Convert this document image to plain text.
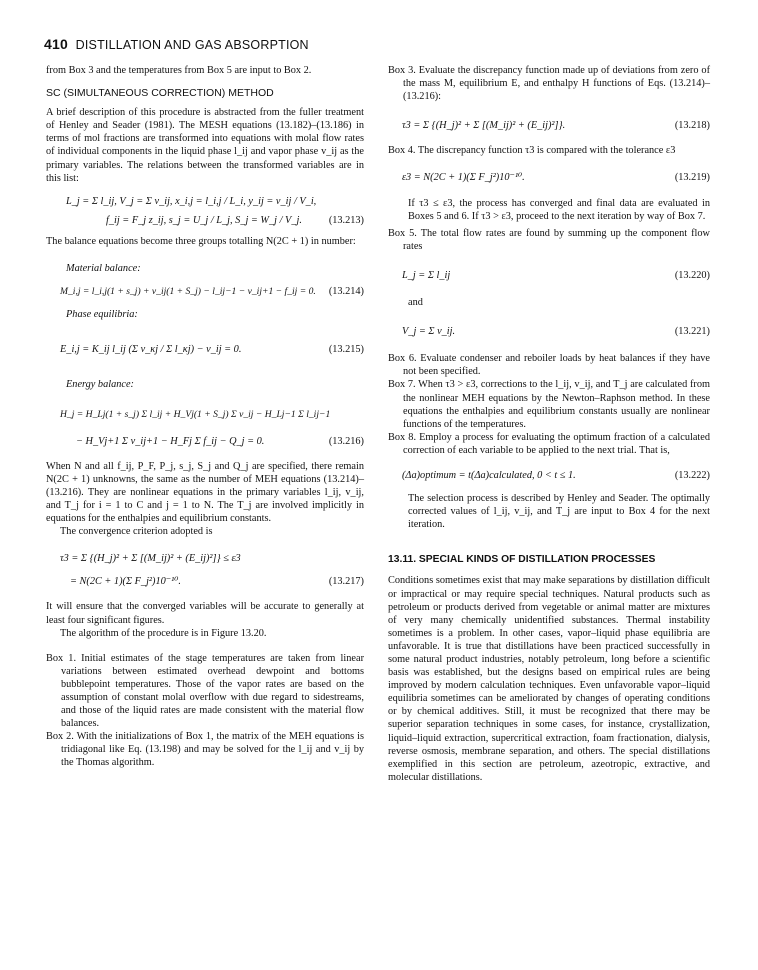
410 DISTILLATION AND GAS ABSORPTION

from Box 3 and the temperatures from Box 5 are input to Box 2.

SC (SIMULTANEOUS CORRECTION) METHOD

A brief description of this procedure is abstracted from the fuller treatment of Henley and Seader (1981). The MESH equations (13.182)–(13.186) in terms of mol fractions are transformed into equations with molal flow rates of individual components in the liquid phase l_ij and vapor phase v_ij as the primary variables. The relations between the transformed variables are in this list:

L_j = Σ l_ij, V_j = Σ v_ij, x_i,j = l_i,j / L_i, y_ij = v_ij / V_i,
f_ij = F_j z_ij, s_j = U_j / L_j, S_j = W_j / V_j.	(13.213)

The balance equations become three groups totalling N(2C + 1) in number:

Material balance:
M_i,j = l_i,j(1 + s_j) + v_ij(1 + S_j) − l_ij−1 − v_ij+1 − f_ij = 0. (13.214)
Phase equilibria:
E_i,j = K_ij l_ij (Σ v_κj / Σ l_κj) − v_ij = 0.	(13.215)
Energy balance:
H_j = H_Lj(1 + s_j) Σ l_ij + H_Vj(1 + S_j) Σ v_ij − H_Lj−1 Σ l_ij−1
− H_Vj+1 Σ v_ij+1 − H_Fj Σ f_ij − Q_j = 0.	(13.216)

When N and all f_ij, P_F, P_j, s_j, S_j and Q_j are specified, there remain N(2C + 1) unknowns, the same as the number of MEH equations (13.214)–(13.216). They are nonlinear equations in the primary variables l_ij, v_ij, and T_j for i = 1 to C and j = 1 to N. The T_j are involved implicitly in equations for the enthalpies and equilibrium constants.

The convergence criterion adopted is

τ3 = Σ {(H_j)² + Σ [(M_ij)² + (E_ij)²]} ≤ ε3
= N(2C + 1)(Σ F_j²)10⁻¹⁰.	(13.217)

It will ensure that the converged variables will be accurate to generally at least four significant figures.

The algorithm of the procedure is in Figure 13.20.

Box 1. Initial estimates of the stage temperatures are taken from linear variations between estimated overhead dewpoint and bottoms bubblepoint temperatures. Those of the vapor rates are based on the assumption of constant molal overflow with due regard to sidestreams, and those of the liquid rates are made consistent with the material flow balances.

Box 2. With the initializations of Box 1, the matrix of the MEH equations is tridiagonal like Eq. (13.198) and may be solved for the l_ij and v_ij by the Thomas algorithm.

Box 3. Evaluate the discrepancy function made up of deviations from zero of the mass M, equilibrium E, and enthalpy H functions of Eqs. (13.214)–(13.216):

τ3 = Σ {(H_j)² + Σ [(M_ij)² + (E_ij)²]}.	(13.218)

Box 4. The discrepancy function τ3 is compared with the tolerance ε3

ε3 = N(2C + 1)(Σ F_j²)10⁻¹⁰.	(13.219)

If τ3 ≤ ε3, the process has converged and final data are evaluated in Boxes 5 and 6. If τ3 > ε3, proceed to the next iteration by way of Box 7.

Box 5. The total flow rates are found by summing up the component flow rates

L_j = Σ l_ij	(13.220)

and

V_j = Σ v_ij.	(13.221)

Box 6. Evaluate condenser and reboiler loads by heat balances if they have not been specified.

Box 7. When τ3 > ε3, corrections to the l_ij, v_ij, and T_j are calculated from the nonlinear MEH equations by the Newton–Raphson method. In these equations the enthalpies and equilibrium constants usually are nonlinear functions of the temperatures.

Box 8. Employ a process for evaluating the optimum fraction of a calculated correction of each variable to be applied to the next trial. That is,

(Δa)optimum = t(Δa)calculated, 0 < t ≤ 1.	(13.222)

The selection process is described by Henley and Seader. The optimally corrected values of l_ij, v_ij, and T_j are input to Box 4 for the next iteration.

13.11. SPECIAL KINDS OF DISTILLATION PROCESSES

Conditions sometimes exist that may make separations by distillation difficult or impractical or may require special techniques. Natural products such as petroleum or products derived from vegetable or animal matter are mixtures of very many chemically unidentified substances. Thermal instability sometimes is a problem. In other cases, vapor–liquid phase equilibria are unfavorable. It is true that distillations have been practiced successfully in some natural product industries, notably petroleum, long before a scientific basis was established, but the designs based on empirical rules are being improved by modern calculation techniques. Even unfavorable vapor–liquid equilibria sometimes can be ameliorated by changes of operating conditions or by chemical additives. Still, it must be recognized that there may be superior separation techniques in some cases, for instance, crystallization, liquid–liquid extraction, supercritical extraction, foam fractionation, dialysis, reverse osmosis, membrane separation, and others. The special distillations exemplified in this section are petroleum, azeotropic, extractive, and molecular distillations.
